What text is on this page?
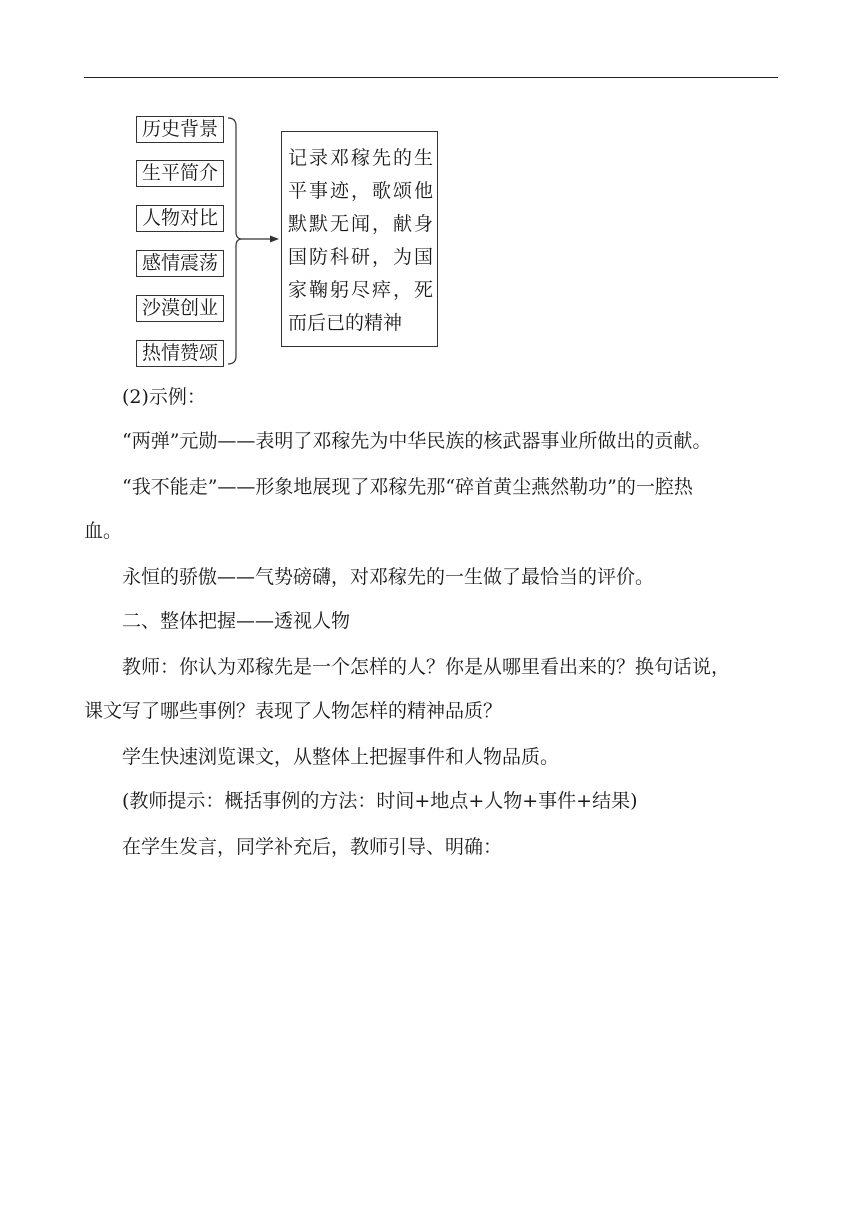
历史背景
生平简介
人物对比
感情震荡
沙漠创业
热情赞颂
记录邓稼先的生
平事迹，歌颂他
默默无闻，献身
国防科研，为国
家鞠躬尽瘁，死
而后已的精神

(2)示例：

“两弹”元勋——表明了邓稼先为中华民族的核武器事业所做出的贡献。

“我不能走”——形象地展现了邓稼先那“碎首黄尘燕然勒功”的一腔热

血。

永恒的骄傲——气势磅礴，对邓稼先的一生做了最恰当的评价。

二、整体把握——透视人物

教师：你认为邓稼先是一个怎样的人？你是从哪里看出来的？换句话说，

课文写了哪些事例？表现了人物怎样的精神品质？

学生快速浏览课文，从整体上把握事件和人物品质。

(教师提示：概括事例的方法：时间+地点+人物+事件+结果)

在学生发言，同学补充后，教师引导、明确：
